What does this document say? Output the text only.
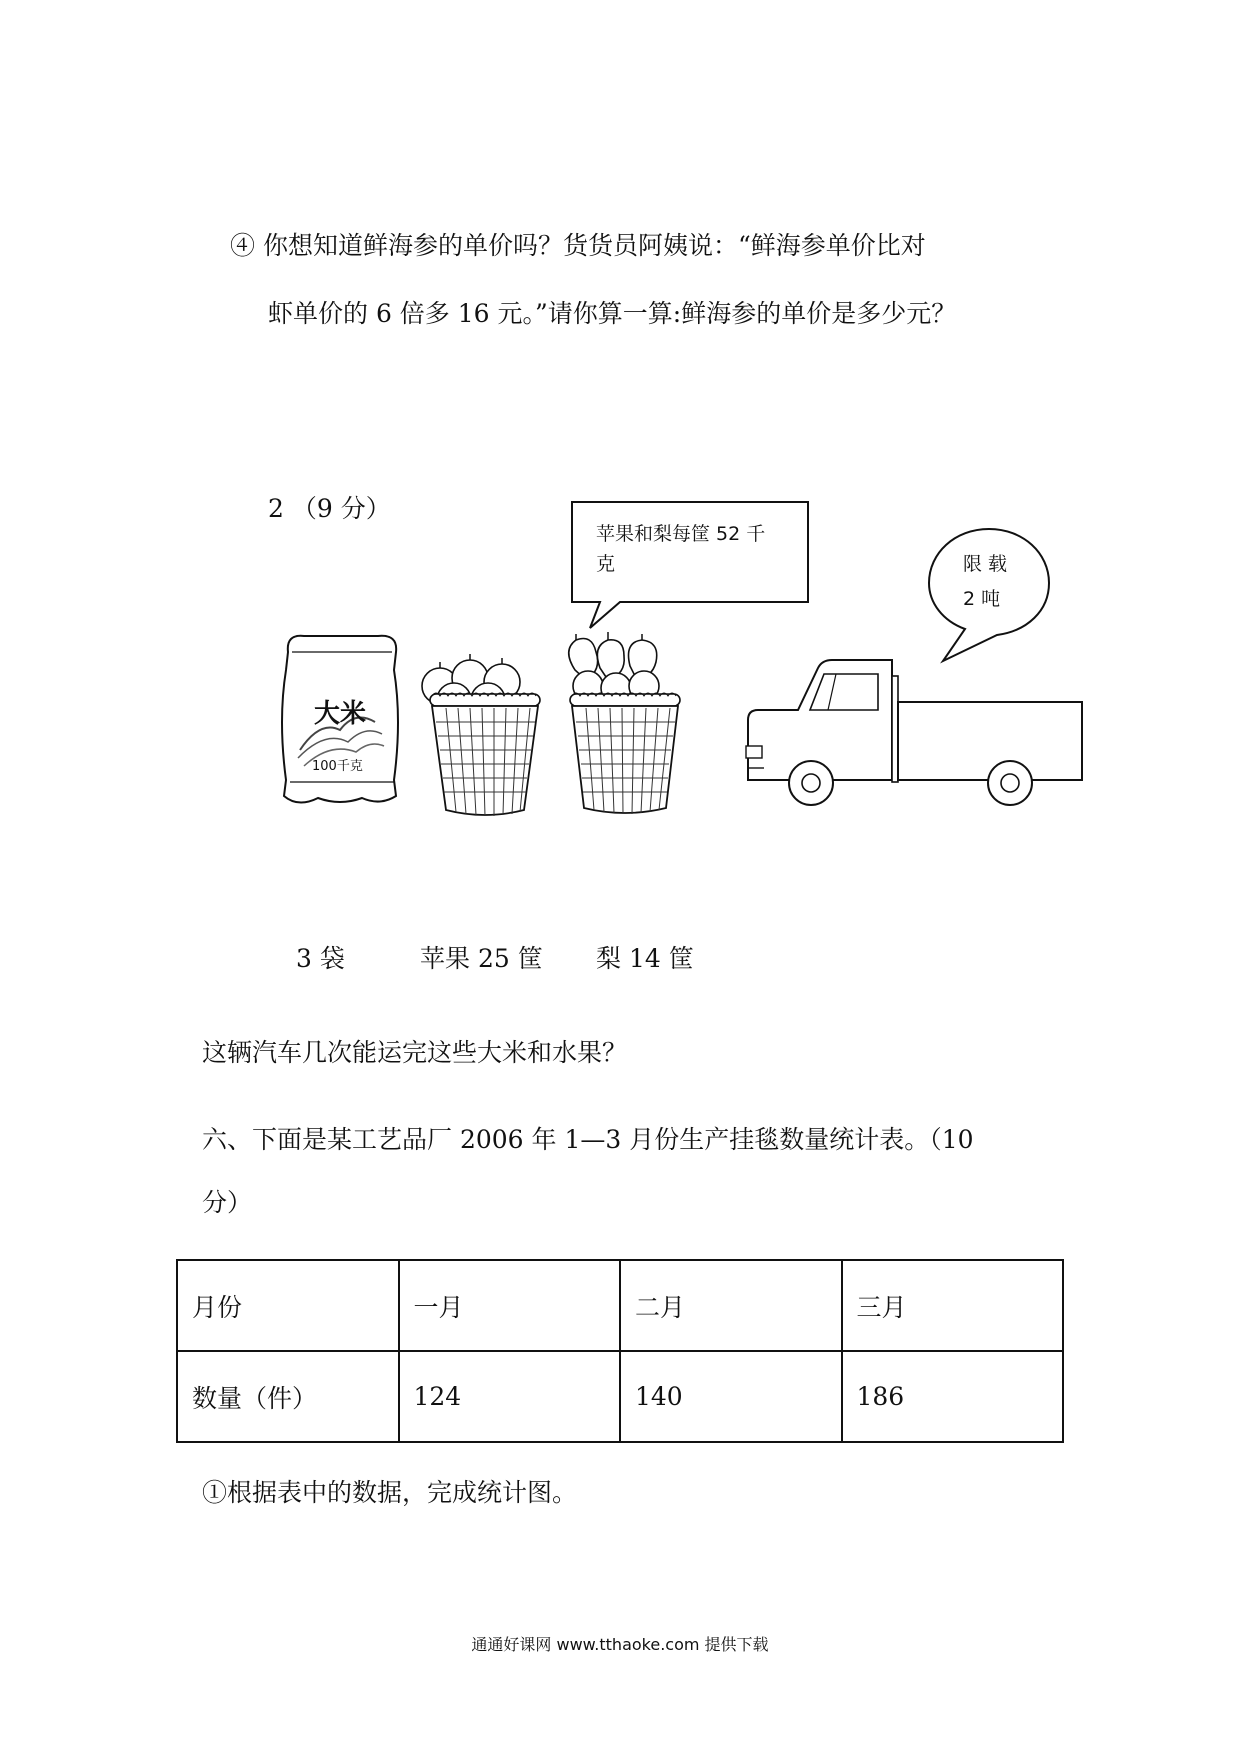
④ 你想知道鲜海参的单价吗？货货员阿姨说：“鲜海参单价比对
虾单价的 6 倍多 16 元。”请你算一算:鲜海参的单价是多少元？
2 （9 分）
苹果和梨每筐 52 千
克	限 载
2 吨
大米
100千克
3 袋	苹果 25 筐 梨 14 筐
这辆汽车几次能运完这些大米和水果？
六、下面是某工艺品厂 2006 年 1—3 月份生产挂毯数量统计表。（10
分）
月份	一月	二月	三月
数量（件）	124	140	186
①根据表中的数据，完成统计图。
通通好课网 www.tthaoke.com 提供下载
